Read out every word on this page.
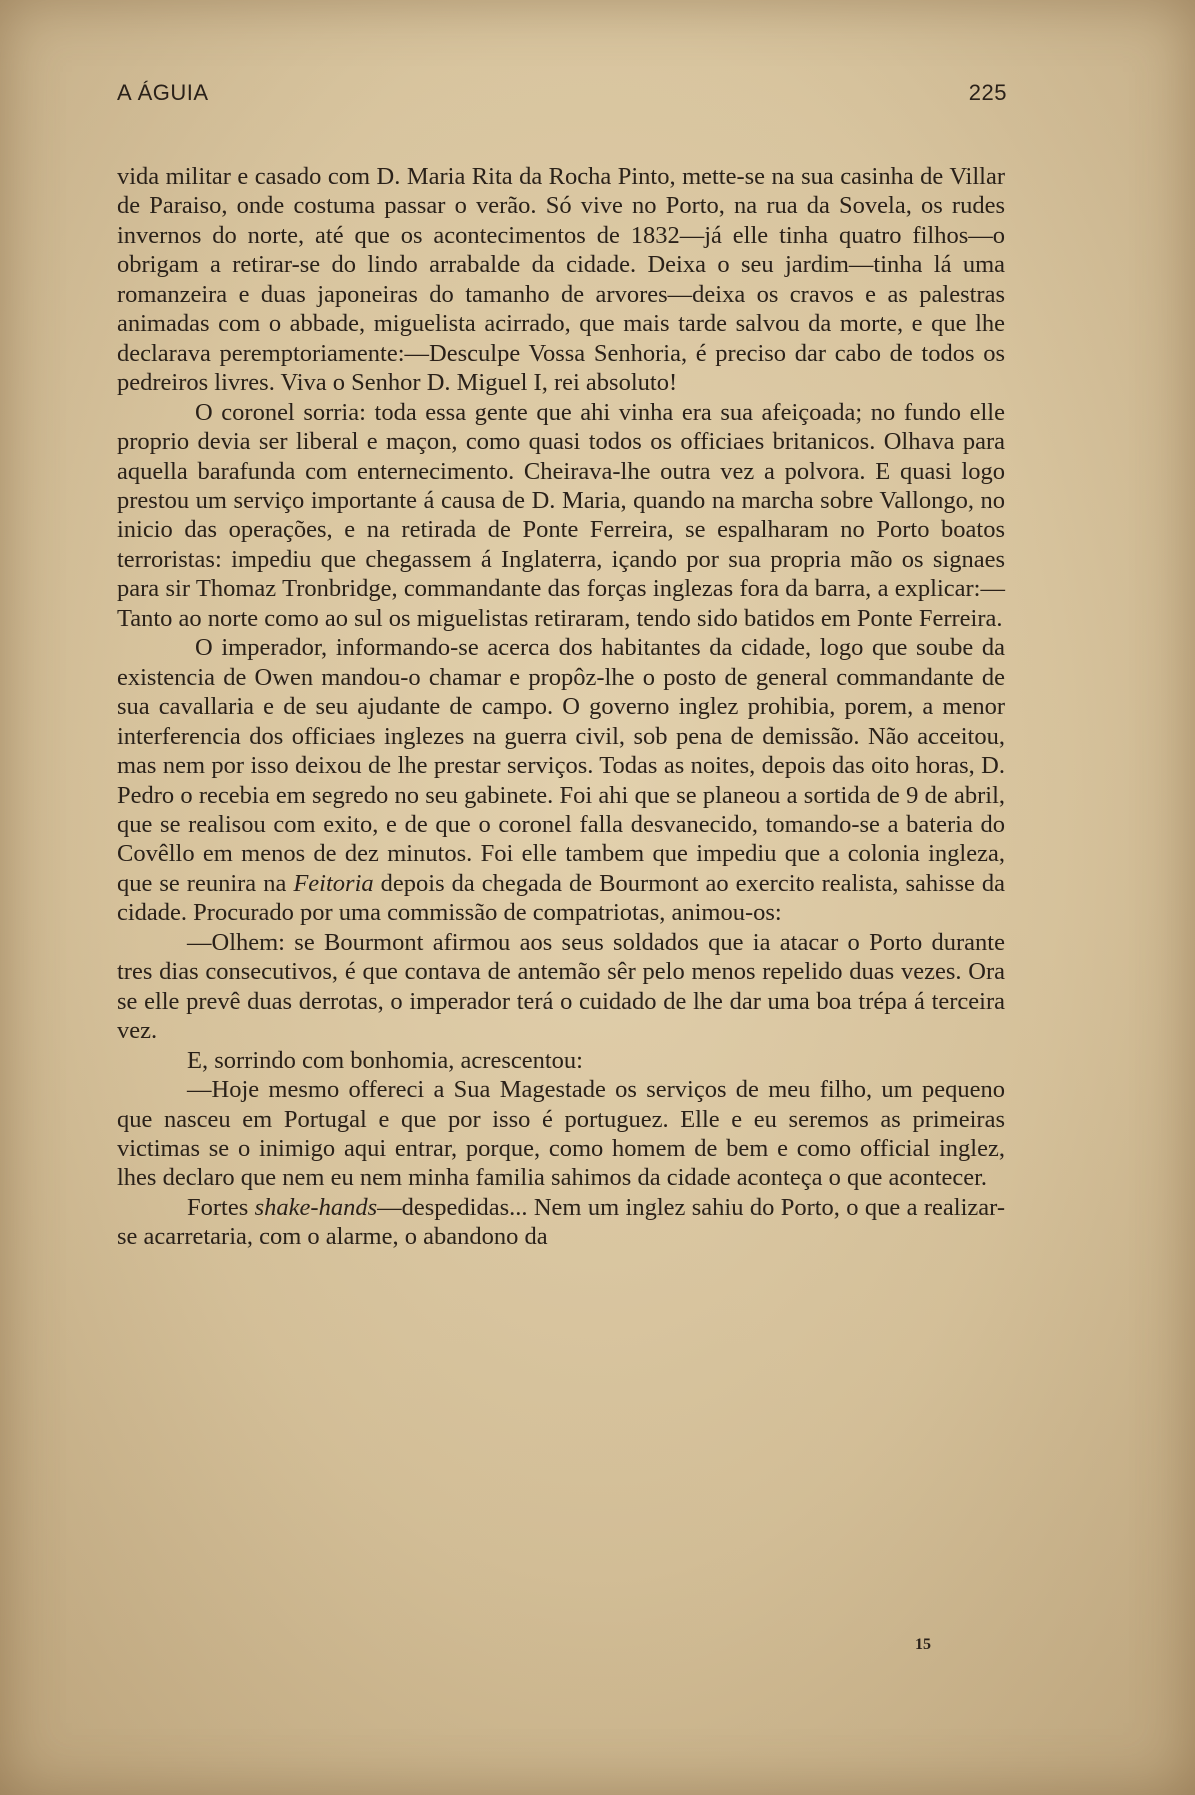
A ÁGUIA	225

vida militar e casado com D. Maria Rita da Rocha Pinto, mette-se na sua casinha de Villar de Paraiso, onde costuma passar o verão. Só vive no Porto, na rua da Sovela, os rudes invernos do norte, até que os acontecimentos de 1832—já elle tinha quatro filhos—o obrigam a retirar-se do lindo arrabalde da cidade. Deixa o seu jardim—tinha lá uma romanzeira e duas japoneiras do tamanho de arvores—deixa os cravos e as palestras animadas com o abbade, miguelista acirrado, que mais tarde salvou da morte, e que lhe declarava peremptoriamente:—Desculpe Vossa Senhoria, é preciso dar cabo de todos os pedreiros livres. Viva o Senhor D. Miguel I, rei absoluto!

O coronel sorria: toda essa gente que ahi vinha era sua afeiçoada; no fundo elle proprio devia ser liberal e maçon, como quasi todos os officiaes britanicos. Olhava para aquella barafunda com enternecimento. Cheirava-lhe outra vez a polvora. E quasi logo prestou um serviço importante á causa de D. Maria, quando na marcha sobre Vallongo, no inicio das operações, e na retirada de Ponte Ferreira, se espalharam no Porto boatos terroristas: impediu que chegassem á Inglaterra, içando por sua propria mão os signaes para sir Thomaz Tronbridge, commandante das forças inglezas fora da barra, a explicar:—Tanto ao norte como ao sul os miguelistas retiraram, tendo sido batidos em Ponte Ferreira.

O imperador, informando-se acerca dos habitantes da cidade, logo que soube da existencia de Owen mandou-o chamar e propôz-lhe o posto de general commandante de sua cavallaria e de seu ajudante de campo. O governo inglez prohibia, porem, a menor interferencia dos officiaes inglezes na guerra civil, sob pena de demissão. Não acceitou, mas nem por isso deixou de lhe prestar serviços. Todas as noites, depois das oito horas, D. Pedro o recebia em segredo no seu gabinete. Foi ahi que se planeou a sortida de 9 de abril, que se realisou com exito, e de que o coronel falla desvanecido, tomando-se a bateria do Covêllo em menos de dez minutos. Foi elle tambem que impediu que a colonia ingleza, que se reunira na Feitoria depois da chegada de Bourmont ao exercito realista, sahisse da cidade. Procurado por uma commissão de compatriotas, animou-os:

—Olhem: se Bourmont afirmou aos seus soldados que ia atacar o Porto durante tres dias consecutivos, é que contava de antemão sêr pelo menos repelido duas vezes. Ora se elle prevê duas derrotas, o imperador terá o cuidado de lhe dar uma boa trépa á terceira vez.

E, sorrindo com bonhomia, acrescentou:

—Hoje mesmo offereci a Sua Magestade os serviços de meu filho, um pequeno que nasceu em Portugal e que por isso é portuguez. Elle e eu seremos as primeiras victimas se o inimigo aqui entrar, porque, como homem de bem e como official inglez, lhes declaro que nem eu nem minha familia sahimos da cidade aconteça o que acontecer.

Fortes shake-hands—despedidas... Nem um inglez sahiu do Porto, o que a realizar-se acarretaria, com o alarme, o abandono da

15
